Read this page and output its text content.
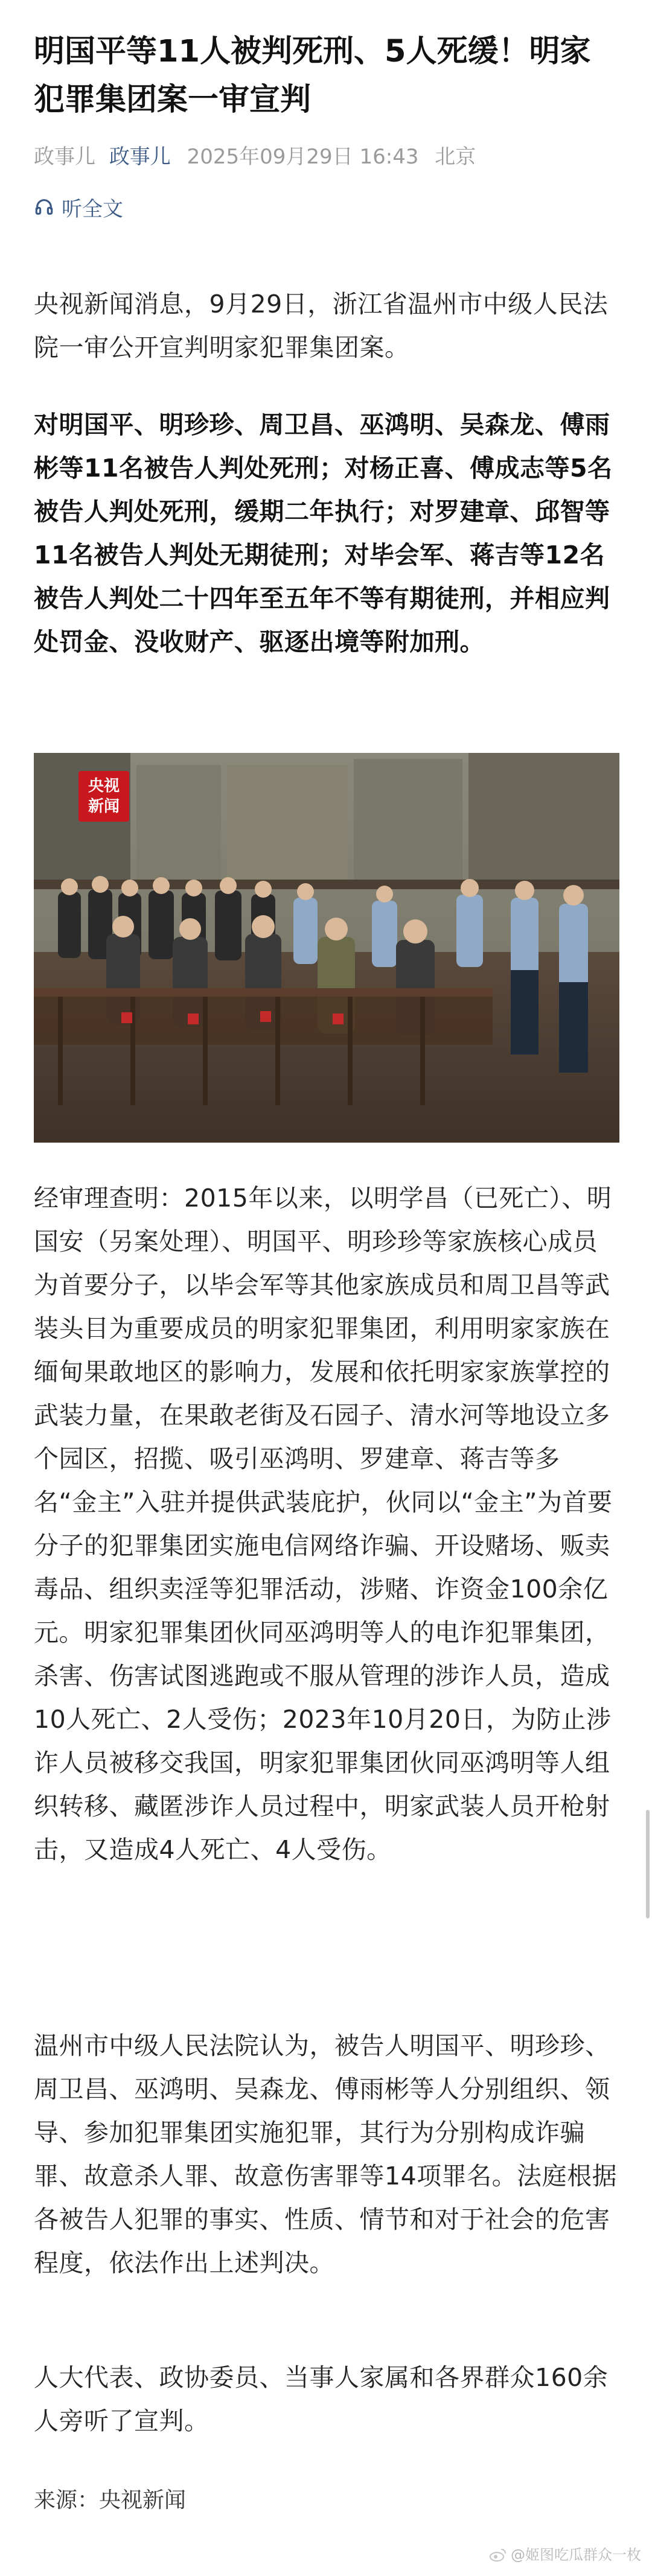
明国平等11人被判死刑、5人死缓！明家犯罪集团案一审宣判
政事儿 政事儿 2025年09月29日 16:43 北京
听全文

央视新闻消息，9月29日，浙江省温州市中级人民法院一审公开宣判明家犯罪集团案。

对明国平、明珍珍、周卫昌、巫鸿明、吴森龙、傅雨彬等11名被告人判处死刑；对杨正喜、傅成志等5名被告人判处死刑，缓期二年执行；对罗建章、邱智等11名被告人判处无期徒刑；对毕会军、蒋吉等12名被告人判处二十四年至五年不等有期徒刑，并相应判处罚金、没收财产、驱逐出境等附加刑。

央视
新闻

经审理查明：2015年以来，以明学昌（已死亡）、明国安（另案处理）、明国平、明珍珍等家族核心成员为首要分子，以毕会军等其他家族成员和周卫昌等武装头目为重要成员的明家犯罪集团，利用明家家族在缅甸果敢地区的影响力，发展和依托明家家族掌控的武装力量，在果敢老街及石园子、清水河等地设立多个园区，招揽、吸引巫鸿明、罗建章、蒋吉等多名“金主”入驻并提供武装庇护，伙同以“金主”为首要分子的犯罪集团实施电信网络诈骗、开设赌场、贩卖毒品、组织卖淫等犯罪活动，涉赌、诈资金100余亿元。明家犯罪集团伙同巫鸿明等人的电诈犯罪集团，杀害、伤害试图逃跑或不服从管理的涉诈人员，造成10人死亡、2人受伤；2023年10月20日，为防止涉诈人员被移交我国，明家犯罪集团伙同巫鸿明等人组织转移、藏匿涉诈人员过程中，明家武装人员开枪射击，又造成4人死亡、4人受伤。

温州市中级人民法院认为，被告人明国平、明珍珍、周卫昌、巫鸿明、吴森龙、傅雨彬等人分别组织、领导、参加犯罪集团实施犯罪，其行为分别构成诈骗罪、故意杀人罪、故意伤害罪等14项罪名。法庭根据各被告人犯罪的事实、性质、情节和对于社会的危害程度，依法作出上述判决。

人大代表、政协委员、当事人家属和各界群众160余人旁听了宣判。

来源：央视新闻
@姬图吃瓜群众一枚
